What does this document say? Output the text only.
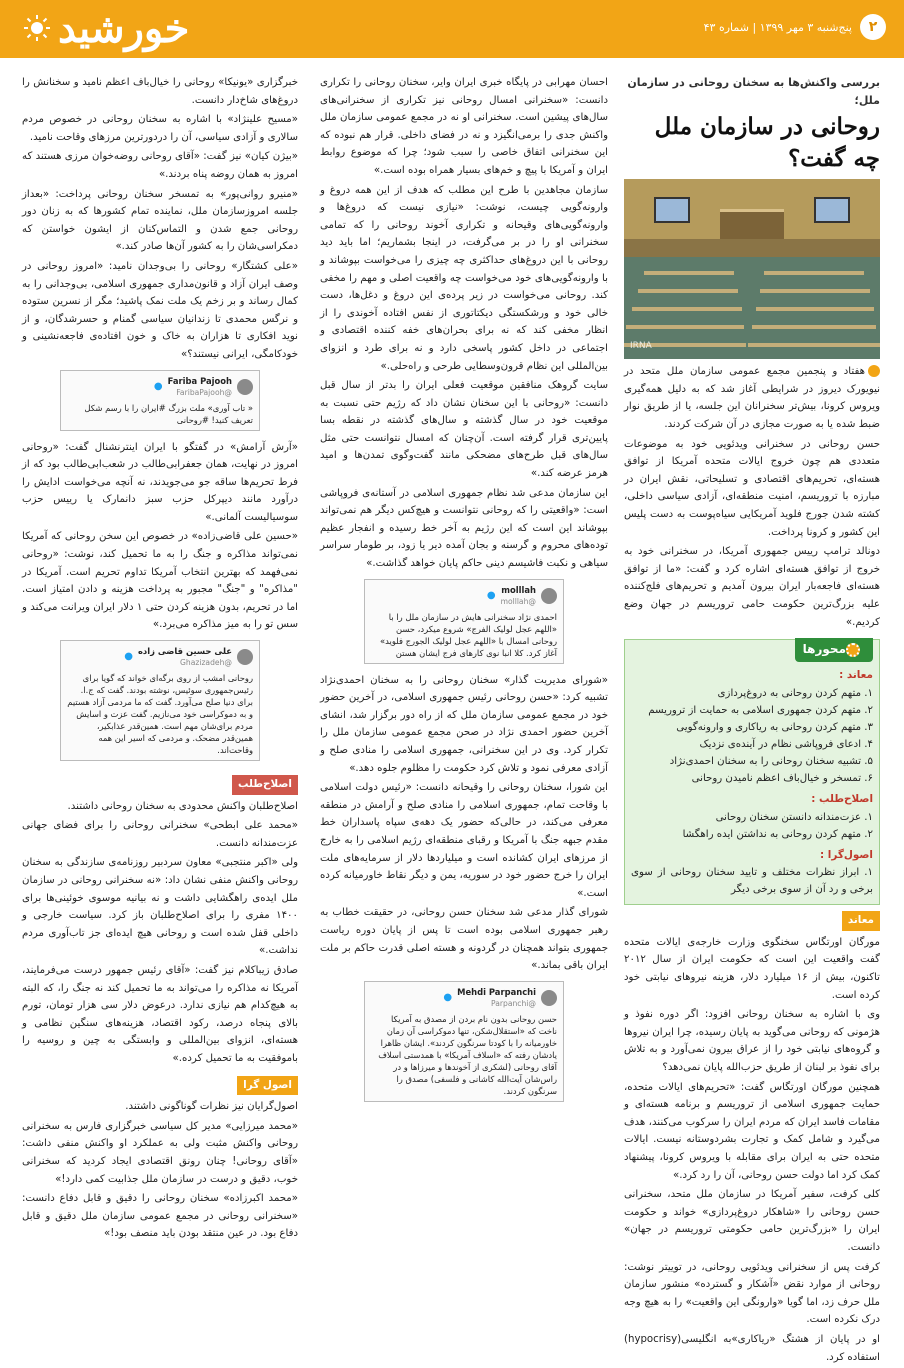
خورشید	۲
پنج‌شنبه ۳ مهر ۱۳۹۹ | شماره ۴۳
بررسی واکنش‌ها به سخنان روحانی در سازمان ملل؛
روحانی در سازمان ملل چه گفت؟
IRNA

هفتاد و پنجمین مجمع عمومی سازمان ملل متحد در نیویورک دیروز در شرایطی آغاز شد که به دلیل همه‌گیری ویروس کرونا، بیش‌تر سخنرانان این جلسه، یا از طریق نوار ضبط شده یا به صورت مجازی در آن شرکت کردند.

حسن روحانی در سخنرانی ویدئویی خود به موضوعات متعددی هم چون خروج ایالات متحده آمریکا از توافق هسته‌ای، تحریم‌های اقتصادی و تسلیحاتی، نقش ایران در مبارزه با تروریسم، امنیت منطقه‌ای، آزادی سیاسی داخلی، کشته شدن جورج فلوید آمریکایی سیاه‌پوست به دست پلیس این کشور و کرونا پرداخت.

دونالد ترامپ رییس جمهوری آمریکا، در سخنرانی خود به خروج از توافق هسته‌ای اشاره کرد و گفت: «ما از توافق هسته‌ای فاجعه‌بار ایران بیرون آمدیم و تحریم‌های فلج‌کننده علیه بزرگ‌ترین حکومت حامی تروریسم در جهان وضع کردیم.»

محورها
معاند :
۱. متهم کردن روحانی به دروغ‌پردازی
۲. متهم کردن جمهوری اسلامی به حمایت از تروریسم
۳. متهم کردن روحانی به ریاکاری و وارونه‌گویی
۴. ادعای فروپاشی نظام در آینده‌ی نزدیک
۵. تشبیه سخنان روحانی را به سخنان احمدی‌نژاد
۶. تمسخر و خیال‌باف اعظم نامیدن روحانی
اصلاح‌طلب :
۱. عزت‌مندانه دانستن سخنان روحانی
۲. متهم کردن روحانی به نداشتن ایده راهگشا
اصول‌گرا :
۱. ابراز نظرات مختلف و تایید سخنان روحانی از سوی برخی و رد آن از سوی برخی دیگر
معاند

مورگان اورتگاس سخنگوی وزارت خارجه‌ی ایالات متحده گفت واقعیت این است که حکومت ایران از سال ۲۰۱۲ تاکنون، بیش از ۱۶ میلیارد دلار، هزینه نیروهای نیابتی خود کرده است.

وی با اشاره به سخنان روحانی افزود: اگر دوره نفوذ و هژمونی که روحانی می‌گوید به پایان رسیده، چرا ایران نیروها و گروه‌های نیابتی خود را از عراق بیرون نمی‌آورد و به تلاش برای نفوذ بر لبنان از طریق حزب‌الله پایان نمی‌دهد؟

همچنین مورگان اورتگاس گفت: «تحریم‌های ایالات متحده، حمایت جمهوری اسلامی از تروریسم و برنامه هسته‌ای و مقامات فاسد ایران که مردم ایران را سرکوب می‌کنند، هدف می‌گیرد و شامل کمک و تجارت بشردوستانه نیست. ایالات متحده حتی به ایران برای مقابله با ویروس کرونا، پیشنهاد کمک کرد اما دولت حسن روحانی، آن را رد کرد.»

کلی کرفت، سفیر آمریکا در سازمان ملل متحد، سخنرانی حسن روحانی را «شاهکار دروغ‌پردازی» خواند و حکومت ایران را «بزرگ‌ترین حامی حکومتی تروریسم در جهان» دانست.

کرفت پس از سخنرانی ویدئویی روحانی، در توییتر نوشت: روحانی از موارد نقض «آشکار و گسترده» منشور سازمان ملل حرف زد، اما گویا «وارونگی این واقعیت» را به هیچ وجه درک نکرده است.

او در پایان از هشتگ «ریاکاری»به انگلیسی(hypocrisy) استفاده کرد.

احسان مهرابی در پایگاه خبری ایران وایر، سخنان روحانی را تکراری دانست: «سخنرانی امسال روحانی نیز تکراری از سخنرانی‌های سال‌های پیشین است. سخنرانی او نه در مجمع عمومی سازمان ملل واکنش جدی را برمی‌انگیزد و نه در فضای داخلی. قرار هم نبوده که این سخنرانی اتفاق خاصی را سبب شود؛ چرا که موضوع روابط ایران و آمریکا با پیچ و خم‌های بسیار همراه بوده است.»

سازمان مجاهدین با طرح این مطلب که هدف از این همه دروغ و وارونه‌گویی چیست، نوشت: «نیازی نیست که دروغ‌ها و وارونه‌گویی‌های وقیحانه و تکراری آخوند روحانی را که تمامی سخنرانی او را در بر می‌گرفت، در اینجا بشماریم؛ اما باید دید روحانی با این دروغ‌های حداکثری چه چیزی را می‌خواست بپوشاند و با وارونه‌گویی‌های خود می‌خواست چه واقعیت اصلی و مهم را مخفی کند. روحانی می‌خواست در زیر پرده‌ی این دروغ و دغل‌ها، دست خالی خود و ورشکستگی دیکتاتوری از نفس افتاده آخوندی را از انظار مخفی کند که نه برای بحران‌های خفه کننده اقتصادی و اجتماعی در داخل کشور پاسخی دارد و نه برای طرد و انزوای بین‌المللی این نظام قرون‌وسطایی طرحی و راه‌حلی.»

سایت گروهک منافقین موقعیت فعلی ایران را بدتر از سال قبل دانست: «روحانی با این سخنان نشان داد که رژیم حتی نسبت به موقعیت خود در سال گذشته و سال‌های گذشته در نقطه بسا پایین‌تری قرار گرفته است. آن‌چنان که امسال نتوانست حتی مثل سال‌های قبل طرح‌های مضحکی مانند گفت‌وگوی تمدن‌ها و امید هرمز عرضه کند.»

این سازمان مدعی شد نظام جمهوری اسلامی در آستانه‌ی فروپاشی است: «واقعیتی را که روحانی نتوانست و هیچ‌کس دیگر هم نمی‌تواند بپوشاند این است که این رژیم به آخر خط رسیده و انفجار عظیم توده‌های محروم و گرسنه و بجان آمده دیر یا زود، بر طومار سراسر سیاهی و نکبت فاشیسم دینی حاکم پایان خواهد گذاشت.»

molllah
@molllah
●
احمدی نژاد سخنرانی هایش در سازمان ملل را با «اللهم عجل لولیک الفرج» شروع میکرد، حسن روحانی امسال با «اللهم عجل لولیک الجورج فلوید» آغاز کرد. کلا انبا نوی کارهای فرج ایشان هستن

«شورای مدیریت گذار» سخنان روحانی را به سخنان احمدی‌نژاد تشبیه کرد: «حسن روحانی رئیس جمهوری اسلامی، در آخرین حضور خود در مجمع عمومی سازمان ملل که از راه دور برگزار شد، انشای آخرین حضور احمدی نژاد در صحن مجمع عمومی سازمان ملل را تکرار کرد. وی در این سخنرانی، جمهوری اسلامی را منادی صلح و آزادی معرفی نمود و تلاش کرد حکومت را مظلوم جلوه دهد.»

این شورا، سخنان روحانی را وقیحانه دانست: «رئیس دولت اسلامی با وقاحت تمام، جمهوری اسلامی را منادی صلح و آرامش در منطقه معرفی می‌کند، در حالی‌که حضور یک دهه‌ی سپاه پاسداران خط مقدم جبهه جنگ با آمریکا و رقبای منطقه‌ای رژیم اسلامی را به خارج از مرزهای ایران کشانده است و میلیاردها دلار از سرمایه‌های ملت ایران را خرج حضور خود در سوریه، یمن و دیگر نقاط خاورمیانه کرده است.»

شورای گذار مدعی شد سخنان حسن روحانی، در حقیقت خطاب به رهبر جمهوری اسلامی بوده است تا پس از پایان دوره ریاست جمهوری بتواند همچنان در گردونه و هسته اصلی قدرت حاکم بر ملت ایران باقی بماند.»

Mehdi Parpanchi
@Parpanchi
●
حسن روحانی بدون نام بردن از مصدق به آمریکا ناخت که «استقلال‌شکن، تنها دموکراسی آن زمان خاورمیانه را با کودتا سرنگون کردند». ایشان ظاهرا یادشان رفته که «اسلاف آمریکا» با همدستی اسلاف آقای روحانی (لشکری از آخوندها و میرزاها و در راس‌شان آیت‌الله کاشانی و فلسفی) مصدق را سرنگون کردند.

خبرگزاری «یونیکا» روحانی را خیال‌باف اعظم نامید و سخنانش را دروغ‌های شاخ‌دار دانست.

«مسیح علینژاد» با اشاره به سخنان روحانی در خصوص مردم سالاری و آزادی سیاسی، آن را دردورترین مرزهای وقاحت نامید.

«بیژن کیان» نیز گفت: «آقای روحانی روضه‌خوان مرزی هستند که امروز به همان روضه پناه بردند.»

«منیرو روانی‌پور» به تمسخر سخنان روحانی پرداخت: «بعداز جلسه امروزسازمان ملل، نماینده تمام کشورها که به زنان دور روحانی جمع شدن و التماس‌کنان از ایشون خواستن که دمکراسی‌شان را به کشور آن‌ها صادر کند.»

«علی کشتگار» روحانی را بی‌وجدان نامید: «امروز روحانی در وصف ایران آزاد و قانون‌مداری جمهوری اسلامی، بی‌وجدانی را به کمال رساند و بر زخم یک ملت نمک پاشید؛ مگر از نسرین ستوده و نرگس محمدی تا زندانیان سیاسی گمنام و حسرشدگان، و از نوید افکاری تا هزاران به خاک و خون افتاده‌ی فاجعه‌نشینی و خودکامگی، ایرانی نیستند؟»

Fariba Pajooh
@FaribaPajooh
●
« تاب آوری» ملت بزرگ #ایران را با رسم شکل تعریف کنید! #روحانی

«آرش آرامش» در گفتگو با ایران اینترنشنال گفت: «روحانی امروز در نهایت، همان جعفرابی‌طالب در شعب‌ابی‌طالب بود که از فرط تحریم‌ها ساقه جو می‌جویدند، نه آنچه می‌خواست ادایش را درآورد مانند دیپرکل حزب سبز دانمارک یا رییس حزب سوسیالیست آلمانی.»

«حسین علی قاضی‌زاده» در خصوص این سخن روحانی که آمریکا نمی‌تواند مذاکره و جنگ را به ما تحمیل کند، نوشت: «روحانی نمی‌فهمد که بهترین انتخاب آمریکا تداوم تحریم است. آمریکا در "مذاکره" و "جنگ" مجبور به پرداخت هزینه و دادن امتیاز است. اما در تحریم، بدون هزینه کردن حتی ۱ دلار ایران ویرانت می‌کند و سس تو را به میز مذاکره می‌برد.»

علی حسین قاضی زاده
@Ghazizadeh
●
روحانی امشب از روی برگه‌ای خواند که گویا برای رئیس‌جمهوری سوئیس، نوشته بودند. گفت که ج.ا. برای دنیا صلح می‌آورد. گفت که ما مردمی آزاد هستیم و به دموکراسی خود می‌نازیم. گفت عزت و اسایش مردم برای‌شان مهم است. همین‌قدر عذابکیر، همین‌قدر مضحک. و مردمی که اسیر این همه وقاحت‌اند.
اصلاح‌طلب

اصلاح‌طلبان واکنش محدودی به سخنان روحانی داشتند.

«محمد علی ابطحی» سخنرانی روحانی را برای فضای جهانی عزت‌مندانه دانست.

ولی «اکبر منتجبی» معاون سردبیر روزنامه‌ی سازندگی به سخنان روحانی واکنش منفی نشان داد: «نه سخنرانی روحانی در سازمان ملل ایده‌ی راهگشایی داشت و نه بیانیه موسوی خوئینی‌ها برای ۱۴۰۰ مفری را برای اصلاح‌طلبان باز کرد. سیاست خارجی و داخلی قفل شده است و روحانی هیچ ایده‌ای جز تاب‌آوری مردم نداشت.»

صادق زیباکلام نیز گفت: «آقای رئیس جمهور درست می‌فرمایند، آمریکا نه مذاکره را می‌تواند به ما تحمیل کند نه جنگ را، که البته به هیچ‌کدام هم نیازی ندارد. درعوض دلار سی هزار تومان، تورم بالای پنجاه درصد، رکود اقتصاد، هزینه‌های سنگین نظامی و هسته‌ای، انزوای بین‌المللی و وابستگی به چین و روسیه را باموفقیت به ما تحمیل کرده.»

اصول گرا

اصول‌گرایان نیز نظرات گوناگونی داشتند.

«محمد میرزایی» مدیر کل سیاسی خبرگزاری فارس به سخنرانی روحانی واکنش مثبت ولی به عملکرد او واکنش منفی داشت: «آقای روحانی! چنان رونق اقتصادی ایجاد کردید که سخنرانی خوب، دقیق و درست در سازمان ملل جذابیت کمی دارد!»

«محمد اکبرزاده» سخنان روحانی را دقیق و قابل دفاع دانست: «سخنرانی روحانی در مجمع عمومی سازمان ملل دقیق و قابل دفاع بود. در عین منتقد بودن باید منصف بود!»
